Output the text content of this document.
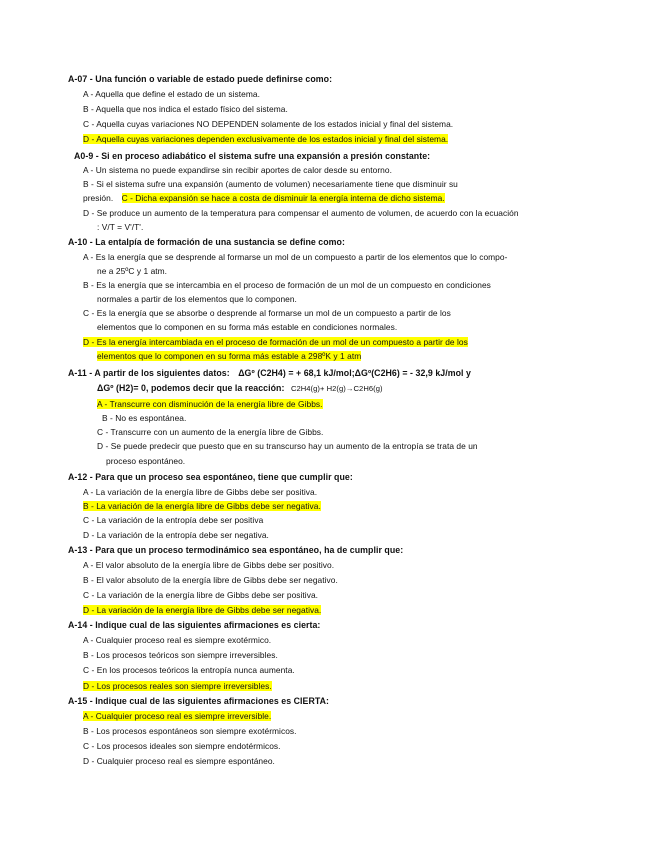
A-07 - Una función o variable de estado puede definirse como:
A - Aquella que define el estado de un sistema.
B - Aquella que nos indica el estado físico del sistema.
C - Aquella cuyas variaciones NO DEPENDEN solamente de los estados inicial y final del sistema.
D - Aquella cuyas variaciones dependen exclusivamente de los estados inicial y final del sistema.
A0-9 - Si en proceso adiabático el sistema sufre una expansión a presión constante:
A - Un sistema no puede expandirse sin recibir aportes de calor desde su entorno.
B - Si el sistema sufre una expansión (aumento de volumen) necesariamente tiene que disminuir su
presión. C - Dicha expansión se hace a costa de disminuir la energía interna de dicho sistema.
D - Se produce un aumento de la temperatura para compensar el aumento de volumen, de acuerdo con la ecuación
: V/T = V'/T'.
A-10 - La entalpía de formación de una sustancia se define como:
A - Es la energía que se desprende al formarse un mol de un compuesto a partir de los elementos que lo compo-
ne a 25ºC y 1 atm.
B - Es la energía que se intercambia en el proceso de formación de un mol de un compuesto en condiciones
normales a partir de los elementos que lo componen.
C - Es la energía que se absorbe o desprende al formarse un mol de un compuesto a partir de los
elementos que lo componen en su forma más estable en condiciones normales.
D - Es la energía intercambiada en el proceso de formación de un mol de un compuesto a partir de los
elementos que lo componen en su forma más estable a 298ºK y 1 atm
A-11 - A partir de los siguientes datos: ΔGº (C2H4) = + 68,1 kJ/mol;ΔGº(C2H6) = - 32,9 kJ/mol y
ΔGº (H2)= 0, podemos decir que la reacción: C2H4(g)+ H2(g)→C2H6(g)
A - Transcurre con disminución de la energía libre de Gibbs.
B - No es espontánea.
C - Transcurre con un aumento de la energía libre de Gibbs.
D - Se puede predecir que puesto que en su transcurso hay un aumento de la entropía se trata de un
proceso espontáneo.
A-12 - Para que un proceso sea espontáneo, tiene que cumplir que:
A - La variación de la energía libre de Gibbs debe ser positiva.
B - La variación de la energía libre de Gibbs debe ser negativa.
C - La variación de la entropía debe ser positiva
D - La variación de la entropía debe ser negativa.
A-13 - Para que un proceso termodinámico sea espontáneo, ha de cumplir que:
A - El valor absoluto de la energía libre de Gibbs debe ser positivo.
B - El valor absoluto de la energía libre de Gibbs debe ser negativo.
C - La variación de la energía libre de Gibbs debe ser positiva.
D - La variación de la energía libre de Gibbs debe ser negativa.
A-14 - Indique cual de las siguientes afirmaciones es cierta:
A - Cualquier proceso real es siempre exotérmico.
B - Los procesos teóricos son siempre irreversibles.
C - En los procesos teóricos la entropía nunca aumenta.
D - Los procesos reales son siempre irreversibles.
A-15 - Indique cual de las siguientes afirmaciones es CIERTA:
A - Cualquier proceso real es siempre irreversible.
B - Los procesos espontáneos son siempre exotérmicos.
C - Los procesos ideales son siempre endotérmicos.
D - Cualquier proceso real es siempre espontáneo.
